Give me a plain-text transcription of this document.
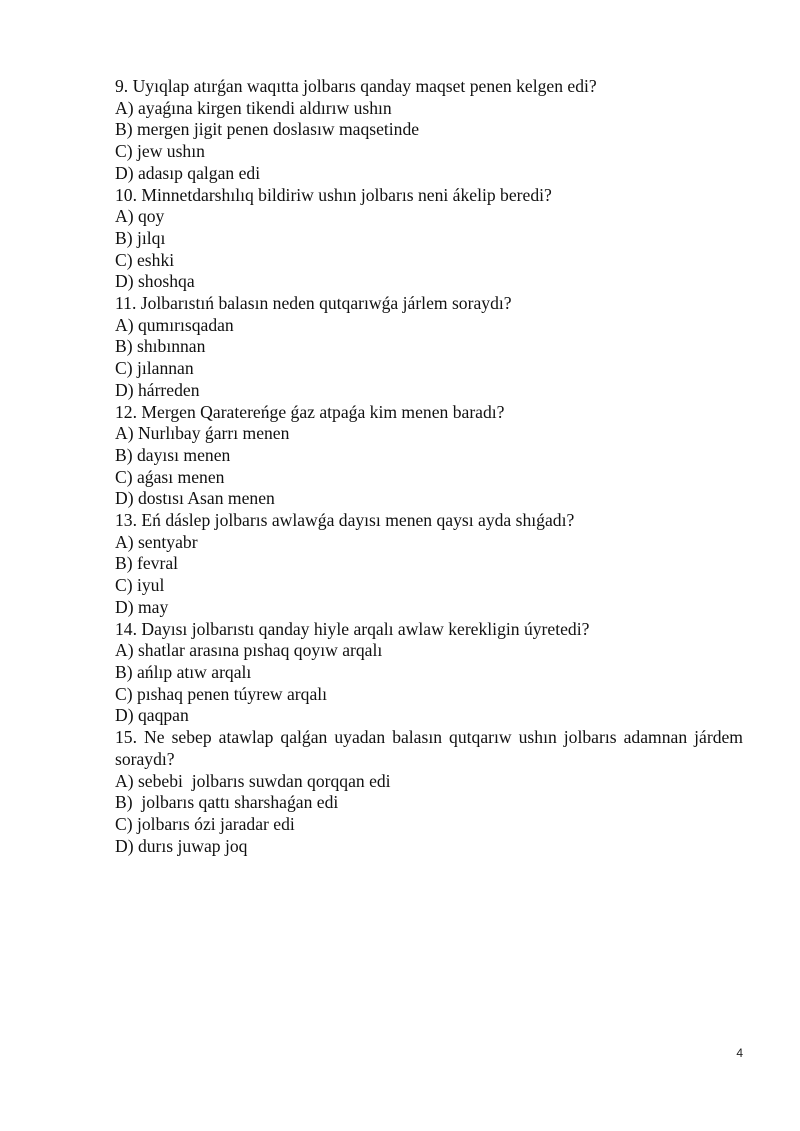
9. Uyıqlap atırǵan waqıtta jolbarıs qanday maqset penen kelgen edi?
A) ayaǵına kirgen tikendi aldırıw ushın
B) mergen jigit penen doslasıw maqsetinde
C) jew ushın
D) adasıp qalgan edi
10. Minnetdarshılıq bildiriw ushın jolbarıs neni ákelip beredi?
A) qoy
B) jılqı
C) eshki
D) shoshqa
11. Jolbarıstıń balasın neden qutqarıwǵa járlem soraydı?
A) qumırısqadan
B) shıbınnan
C) jılannan
D) hárreden
12. Mergen Qaratereńge ǵaz atpaǵa kim menen baradı?
A) Nurlıbay ǵarrı menen
B) dayısı menen
C) aǵası menen
D) dostısı Asan menen
13. Eń dáslep jolbarıs awlawǵa dayısı menen qaysı ayda shıǵadı?
A) sentyabr
B) fevral
C) iyul
D) may
14. Dayısı jolbarıstı qanday hiyle arqalı awlaw kerekligin úyretedi?
A) shatlar arasına pıshaq qoyıw arqalı
B) ańlıp atıw arqalı
C) pıshaq penen túyrew arqalı
D) qaqpan
15. Ne sebep atawlap qalǵan uyadan balasın qutqarıw ushın jolbarıs adamnan járdem soraydı?
A) sebebi  jolbarıs suwdan qorqqan edi
B)  jolbarıs qattı sharshaǵan edi
C) jolbarıs ózi jaradar edi
D) durıs juwap joq
4
